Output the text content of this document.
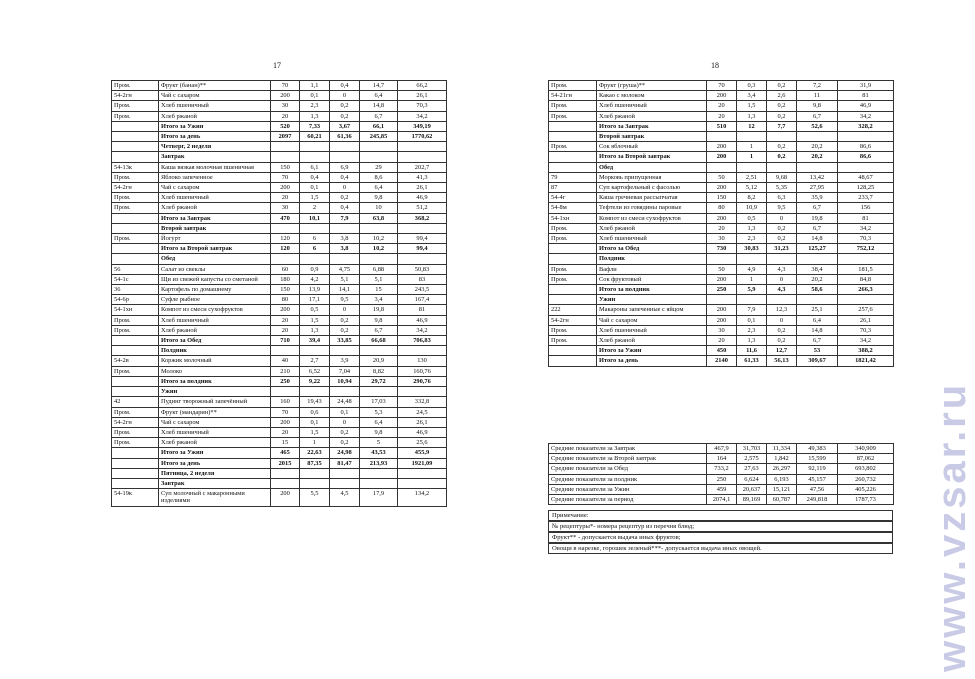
17	18
Пром.	Фрукт (банан)**	70	1,1	0,4	14,7	66,2
54-2гн	Чай с сахаром	200	0,1	0	6,4	26,1
Пром.	Хлеб пшеничный	30	2,3	0,2	14,8	70,3
Пром.	Хлеб ржаной	20	1,3	0,2	6,7	34,2
	Итого за Ужин	520	7,33	3,67	66,1	349,19
	Итого за день	2097	60,21	61,36	245,85	1770,62
	Четверг, 2 неделя					
	Завтрак					
54-13к	Каша вязкая молочная пшеничная	150	6,1	6,9	29	202,7
Пром.	Яблоко запеченное	70	0,4	0,4	8,6	41,3
54-2гн	Чай с сахаром	200	0,1	0	6,4	26,1
Пром.	Хлеб пшеничный	20	1,5	0,2	9,8	46,9
Пром.	Хлеб ржаной	30	2	0,4	10	51,2
	Итого за Завтрак	470	10,1	7,9	63,8	368,2
	Второй завтрак					
Пром.	Йогурт	120	6	3,8	10,2	99,4
	Итого за Второй завтрак	120	6	3,8	10,2	99,4
	Обед					
56	Салат из свеклы	60	0,9	4,75	6,88	50,83
54-1с	Щи из свежей капусты со сметаной	180	4,2	5,1	5,1	83
36	Картофель по домашнему	150	13,9	14,1	15	243,5
54-6р	Суфле рыбное	80	17,1	9,5	3,4	167,4
54-1хн	Компот из смеси сухофруктов	200	0,5	0	19,8	81
Пром.	Хлеб пшеничный	20	1,5	0,2	9,8	46,9
Пром.	Хлеб ржаной	20	1,3	0,2	6,7	34,2
	Итого за Обед	710	39,4	33,85	66,68	706,83
	Полдник					
54-2в	Коржик молочный	40	2,7	3,9	20,9	130
Пром.	Молоко	210	6,52	7,04	8,82	160,76
	Итого за полдник	250	9,22	10,94	29,72	290,76
	Ужин					
42	Пудинг творожный запечённый	160	19,43	24,48	17,03	332,8
Пром.	Фрукт (мандарин)**	70	0,6	0,1	5,3	24,5
54-2гн	Чай с сахаром	200	0,1	0	6,4	26,1
Пром.	Хлеб пшеничный	20	1,5	0,2	9,8	46,9
Пром.	Хлеб ржаной	15	1	0,2	5	25,6
	Итого за Ужин	465	22,63	24,98	43,53	455,9
	Итого за день	2015	87,35	81,47	213,93	1921,09
	Пятница, 2 неделя					
	Завтрак					
54-19к	Суп молочный с макаронными изделиями	200	5,5	4,5	17,9	134,2
Пром.	Фрукт (груша)**	70	0,3	0,2	7,2	31,9
54-21гн	Какао с молоком	200	3,4	2,6	11	81
Пром.	Хлеб пшеничный	20	1,5	0,2	9,8	46,9
Пром.	Хлеб ржаной	20	1,3	0,2	6,7	34,2
	Итого за Завтрак	510	12	7,7	52,6	328,2
	Второй завтрак					
Пром.	Сок яблочный	200	1	0,2	20,2	86,6
	Итого за Второй завтрак	200	1	0,2	20,2	86,6
	Обед					
79	Морковь припущенная	50	2,51	9,68	13,42	48,67
87	Суп картофельный с фасолью	200	5,12	5,35	27,95	128,25
54-4г	Каша гречневая рассыпчатая	150	8,2	6,3	35,9	233,7
54-8м	Тефтели из говядины паровые	80	10,9	9,5	6,7	156
54-1хн	Компот из смеси сухофруктов	200	0,5	0	19,8	81
Пром.	Хлеб ржаной	20	1,3	0,2	6,7	34,2
Пром.	Хлеб пшеничный	30	2,3	0,2	14,8	70,3
	Итого за Обед	730	30,83	31,23	125,27	752,12
	Полдник					
Пром.	Вафли	50	4,9	4,3	38,4	181,5
Пром.	Сок фруктовый	200	1	0	20,2	84,8
	Итого за полдник	250	5,9	4,3	58,6	266,3
	Ужин					
222	Макароны запеченные с яйцом	200	7,9	12,3	25,1	257,6
54-2гн	Чай с сахаром	200	0,1	0	6,4	26,1
Пром.	Хлеб пшеничный	30	2,3	0,2	14,8	70,3
Пром.	Хлеб ржаной	20	1,3	0,2	6,7	34,2
	Итого за Ужин	450	11,6	12,7	53	388,2
	Итого за день	2140	61,33	56,13	309,67	1821,42
Средние показатели за Завтрак	467,9	31,703	11,334	49,383	340,909
Средние показатели за Второй завтрак	164	2,575	1,842	15,599	87,062
Средние показатели за Обед	733,2	27,63	26,297	92,119	693,802
Средние показатели за полдник	250	6,624	6,193	45,157	260,732
Средние показатели за Ужин	459	20,637	15,121	47,56	405,226
Средние показатели за период	2074,1	89,169	60,787	249,818	1787,73
Примечание:
№ рецептуры*- номера рецептур из перечня блюд;
Фрукт** - допускается выдача иных фруктов;
Овощи в нарезке, горошек зеленый***- допускается выдача иных овощей.	www.vzsar.ru
